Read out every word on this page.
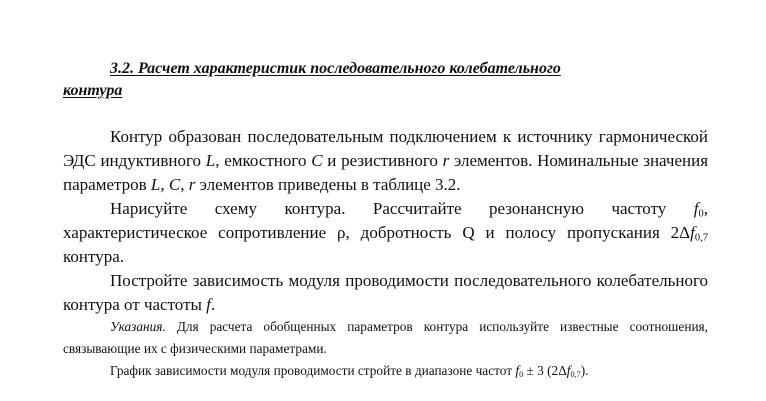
3.2. Расчет характеристик последовательного колебательного
контура
Контур образован последовательным подключением к источнику гармонической ЭДС индуктивного L, емкостного C и резистивного r элементов. Номинальные значения параметров L, C, r элементов приведены в таблице 3.2.
Нарисуйте схему контура. Рассчитайте резонансную частоту $f_0$, характеристическое сопротивление ρ, добротность Q и полосу пропускания $2\Delta f_{0,7}$ контура.
Постройте зависимость модуля проводимости последовательного колебательного контура от частоты f.
Указания. Для расчета обобщенных параметров контура используйте известные соотношения, связывающие их с физическими параметрами.
График зависимости модуля проводимости стройте в диапазоне частот $f_0 \pm 3$ $(2\Delta f_{0,7})$.
